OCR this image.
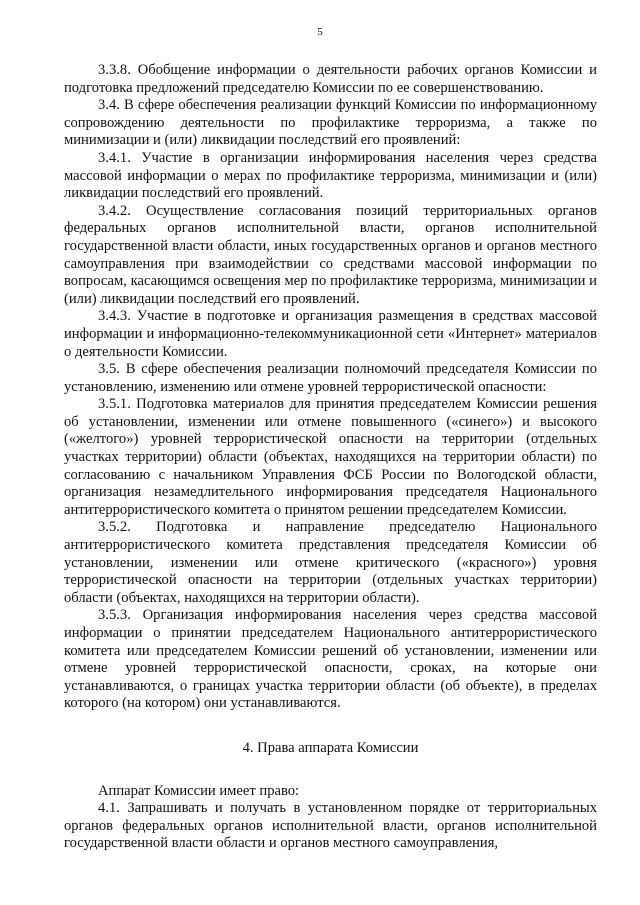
5

3.3.8. Обобщение информации о деятельности рабочих органов Комиссии и подготовка предложений председателю Комиссии по ее совершенствованию.

3.4. В сфере обеспечения реализации функций Комиссии по информационному сопровождению деятельности по профилактике терроризма, а также по минимизации и (или) ликвидации последствий его проявлений:

3.4.1. Участие в организации информирования населения через средства массовой информации о мерах по профилактике терроризма, минимизации и (или) ликвидации последствий его проявлений.

3.4.2. Осуществление согласования позиций территориальных органов федеральных органов исполнительной власти, органов исполнительной государственной власти области, иных государственных органов и органов местного самоуправления при взаимодействии со средствами массовой информации по вопросам, касающимся освещения мер по профилактике терроризма, минимизации и (или) ликвидации последствий его проявлений.

3.4.3. Участие в подготовке и организация размещения в средствах массовой информации и информационно-телекоммуникационной сети «Интернет» материалов о деятельности Комиссии.

3.5. В сфере обеспечения реализации полномочий председателя Комиссии по установлению, изменению или отмене уровней террористической опасности:

3.5.1. Подготовка материалов для принятия председателем Комиссии решения об установлении, изменении или отмене повышенного («синего») и высокого («желтого») уровней террористической опасности на территории (отдельных участках территории) области (объектах, находящихся на территории области) по согласованию с начальником Управления ФСБ России по Вологодской области, организация незамедлительного информирования председателя Национального антитеррористического комитета о принятом решении председателем Комиссии.

3.5.2. Подготовка и направление председателю Национального антитеррористического комитета представления председателя Комиссии об установлении, изменении или отмене критического («красного») уровня террористической опасности на территории (отдельных участках территории) области (объектах, находящихся на территории области).

3.5.3. Организация информирования населения через средства массовой информации о принятии председателем Национального антитеррористического комитета или председателем Комиссии решений об установлении, изменении или отмене уровней террористической опасности, сроках, на которые они устанавливаются, о границах участка территории области (об объекте), в пределах которого (на котором) они устанавливаются.

4. Права аппарата Комиссии

Аппарат Комиссии имеет право:

4.1. Запрашивать и получать в установленном порядке от территориальных органов федеральных органов исполнительной власти, органов исполнительной государственной власти области и органов местного самоуправления,
